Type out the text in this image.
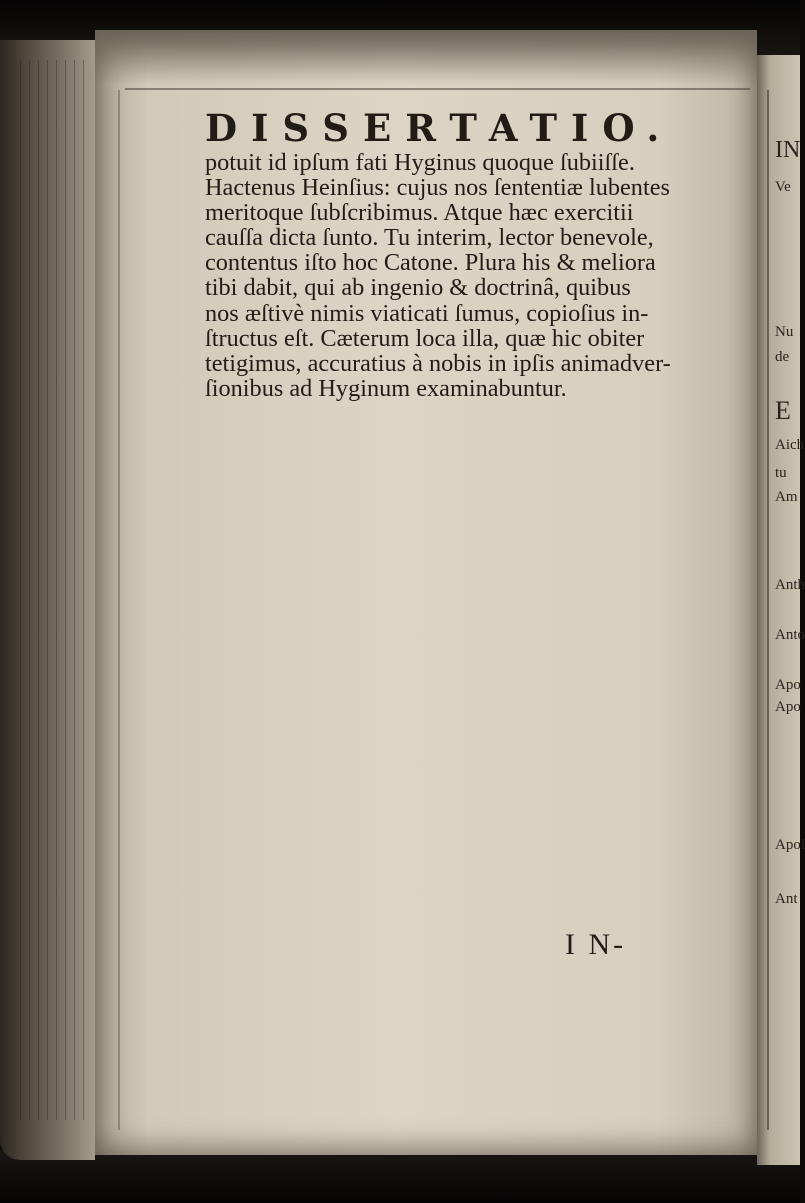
IN
Ve
Nu
de
E
Aich
tu
Am
Anth
Anto
Apo
Apo
Apol
Ant
DISSERTATIO.
potuit id ipſum fati Hyginus quoque ſubiiſſe.
Hactenus Heinſius: cujus nos ſententiæ lubentes
meritoque ſubſcribimus. Atque hæc exercitii
cauſſa dicta ſunto. Tu interim, lector benevole,
contentus iſto hoc Catone. Plura his & meliora
tibi dabit, qui ab ingenio & doctrinâ, quibus
nos æſtivè nimis viaticati ſumus, copioſius in-
ſtructus eſt. Cæterum loca illa, quæ hic obiter
tetigimus, accuratius à nobis in ipſis animadver-
ſionibus ad Hyginum examinabuntur.
I N-
